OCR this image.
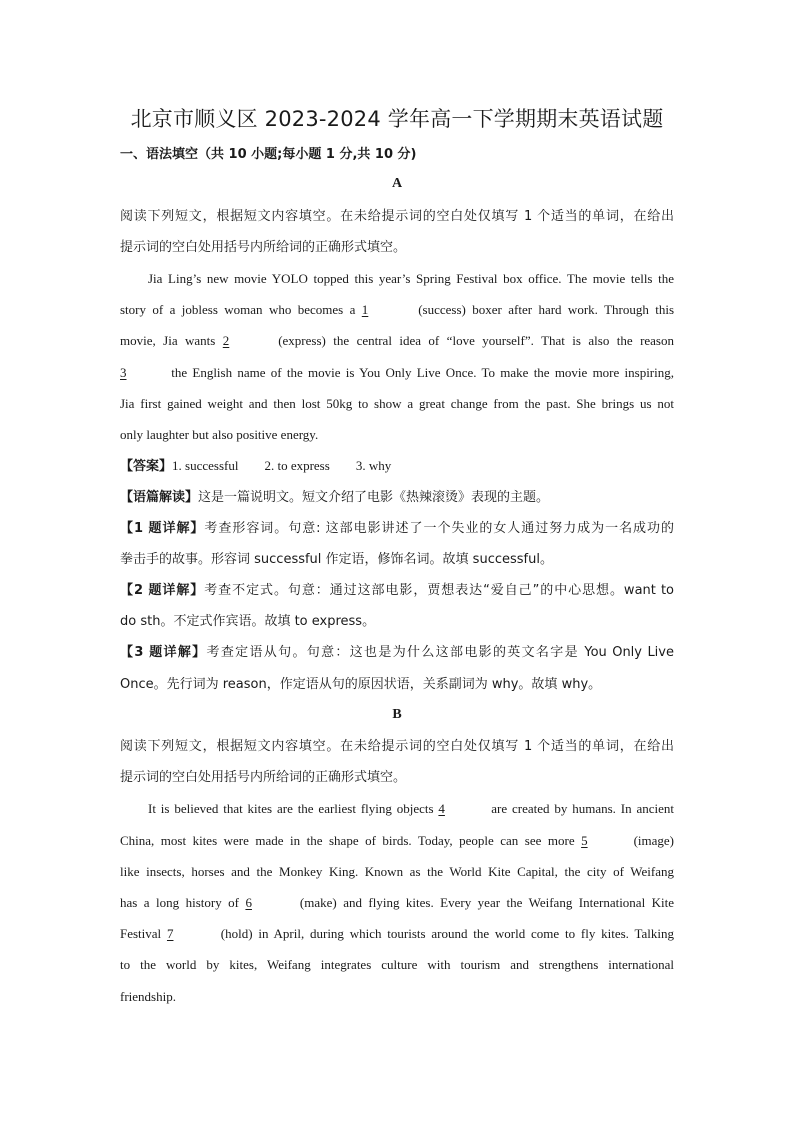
北京市顺义区 2023-2024 学年高一下学期期末英语试题
一、语法填空（共 10 小题;每小题 1 分,共 10 分)
A
阅读下列短文，根据短文内容填空。在未给提示词的空白处仅填写 1 个适当的单词，在给出
提示词的空白处用括号内所给词的正确形式填空。
Jia Ling’s new movie YOLO topped this year’s Spring Festival box office. The movie tells the
story of a jobless woman who becomes a 1	(success) boxer after hard work. Through this
movie, Jia wants 2	(express) the central idea of “love yourself”. That is also the reason
3	the English name of the movie is You Only Live Once. To make the movie more inspiring,
Jia first gained weight and then lost 50kg to show a great change from the past. She brings us not
only laughter but also positive energy.
【答案】1. successful 2. to express 3. why
【语篇解读】这是一篇说明文。短文介绍了电影《热辣滚烫》表现的主题。
【1 题详解】考查形容词。句意: 这部电影讲述了一个失业的女人通过努力成为一名成功的
拳击手的故事。形容词 successful 作定语，修饰名词。故填 successful。
【2 题详解】考查不定式。句意：通过这部电影，贾想表达“爱自己”的中心思想。want to
do sth。不定式作宾语。故填 to express。
【3 题详解】考查定语从句。句意：这也是为什么这部电影的英文名字是 You Only Live
Once。先行词为 reason，作定语从句的原因状语，关系副词为 why。故填 why。
B
阅读下列短文，根据短文内容填空。在未给提示词的空白处仅填写 1 个适当的单词，在给出
提示词的空白处用括号内所给词的正确形式填空。
It is believed that kites are the earliest flying objects 4	are created by humans. In ancient
China, most kites were made in the shape of birds. Today, people can see more 5	(image)
like insects, horses and the Monkey King. Known as the World Kite Capital, the city of Weifang
has a long history of 6	(make) and flying kites. Every year the Weifang International Kite
Festival 7	(hold) in April, during which tourists around the world come to fly kites. Talking
to the world by kites, Weifang integrates culture with tourism and strengthens international
friendship.
